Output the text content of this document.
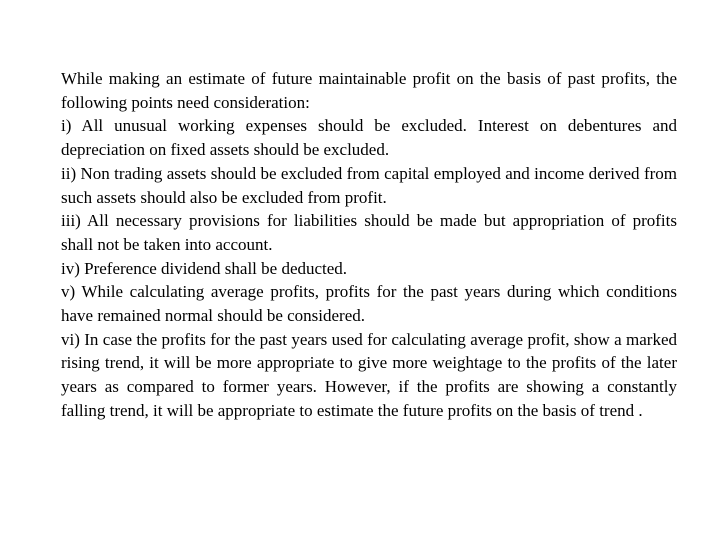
While making an estimate of future maintainable profit on the basis of past profits, the following points need consideration:

i) All unusual working expenses should be excluded. Interest on debentures and depreciation on fixed assets should be excluded.

ii) Non trading assets should be excluded from capital employed and income derived from such assets should also be excluded from profit.

iii) All necessary provisions for liabilities should be made but appropriation of profits shall not be taken into account.

iv) Preference dividend shall be deducted.

v) While calculating average profits, profits for the past years during which conditions have remained normal should be considered.

vi) In case the profits for the past years used for calculating average profit, show a marked rising trend, it will be more appropriate to give more weightage to the profits of the later years as compared to former years. However, if the profits are showing a constantly falling trend, it will be appropriate to estimate the future profits on the basis of trend .
